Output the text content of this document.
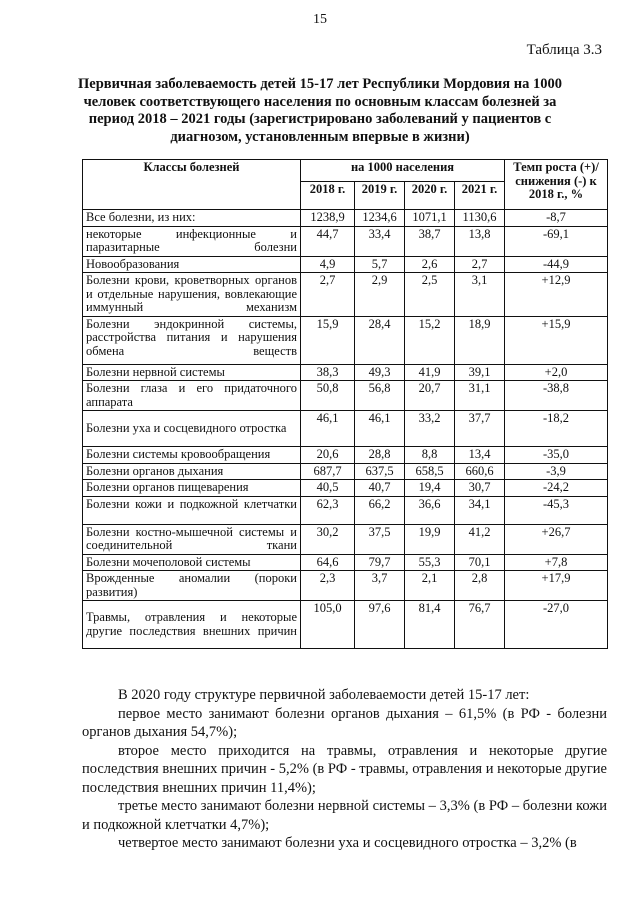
15
Таблица 3.3
Первичная заболеваемость детей 15-17 лет Республики Мордовия на 1000 человек соответствующего населения по основным классам болезней за период 2018 – 2021 годы (зарегистрировано заболеваний у пациентов с диагнозом, установленным впервые в жизни)
Классы болезней	на 1000 населения				Темп роста (+)/снижения (-) к 2018 г., %
	2018 г.	2019 г.	2020 г.	2021 г.	
Все болезни, из них:	1238,9	1234,6	1071,1	1130,6	-8,7
некоторые инфекционные и паразитарные болезни	44,7	33,4	38,7	13,8	-69,1
Новообразования	4,9	5,7	2,6	2,7	-44,9
Болезни крови, кроветворных органов и отдельные нарушения, вовлекающие иммунный механизм	2,7	2,9	2,5	3,1	+12,9
Болезни эндокринной системы, расстройства питания и нарушения обмена веществ	15,9	28,4	15,2	18,9	+15,9
Болезни нервной системы	38,3	49,3	41,9	39,1	+2,0
Болезни глаза и его придаточного аппарата	50,8	56,8	20,7	31,1	-38,8
Болезни уха и сосцевидного отростка	46,1	46,1	33,2	37,7	-18,2
Болезни системы кровообращения	20,6	28,8	8,8	13,4	-35,0
Болезни органов дыхания	687,7	637,5	658,5	660,6	-3,9
Болезни органов пищеварения	40,5	40,7	19,4	30,7	-24,2
Болезни кожи и подкожной клетчатки	62,3	66,2	36,6	34,1	-45,3
Болезни костно-мышечной системы и соединительной ткани	30,2	37,5	19,9	41,2	+26,7
Болезни мочеполовой системы	64,6	79,7	55,3	70,1	+7,8
Врожденные аномалии (пороки развития)	2,3	3,7	2,1	2,8	+17,9
Травмы, отравления и некоторые другие последствия внешних причин	105,0	97,6	81,4	76,7	-27,0

В 2020 году структуре первичной заболеваемости детей 15-17 лет:

первое место занимают болезни органов дыхания – 61,5% (в РФ - болезни органов дыхания 54,7%);

второе место приходится на травмы, отравления и некоторые другие последствия внешних причин - 5,2% (в РФ - травмы, отравления и некоторые другие последствия внешних причин 11,4%);

третье место занимают болезни нервной системы – 3,3% (в РФ – болезни кожи и подкожной клетчатки 4,7%);

четвертое место занимают болезни уха и сосцевидного отростка – 3,2% (в
